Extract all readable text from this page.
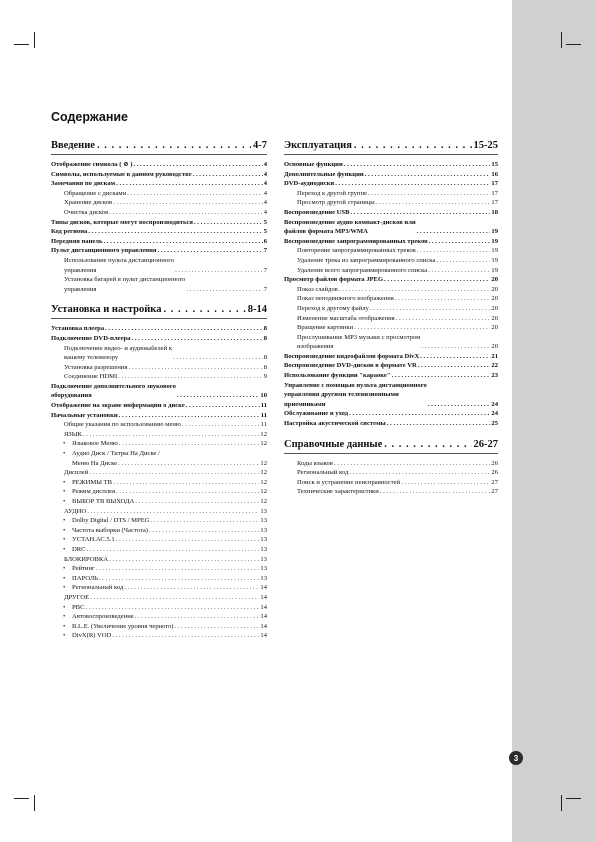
Содержание
Введение . . .	4-7
Отображение символа ( ⊘ ) . . .	4
Символы, используемые в данном руководстве . . .	4
Замечания по дискам . . .	4
Обращение с дисками . . .	4
Хранение дисков . . .	4
Очистка дисков . . .	4
Типы дисков, которые могут воспроизводиться . . .	5
Код региона . . .	5
Передняя панель . . .	6
Пульт дистанционного управления . . .	7
Использование пульта дистанционного
управления . . .	7
Установка батарей в пульт дистанционного
управления . . .	7
Установка и настройка . . .	8-14
Установка плеера . . .	8
Подключение DVD-плеера . . .	8
Подключение видео- и аудиокабелей к
вашему телевизору . . .	8
Установка разрешения . . .	8
Соединение HDMI . . .	9
Подключение дополнительного звукового
оборудования . . .	10
Отображение на экране информации о диске . . .	11
Начальные установки . . .	11
Общие указания по использованию меню . . .	11
ЯЗЫК . . .	12
• Языковое Меню . . .	12
• Аудио Диск / Титры На Диске /
Меню На Диске . . .	12
Дисплей . . .	12
• РЕЖИМЫ ТВ . . .	12
• Режим дисплея . . .	12
• ВЫБОР ТВ ВЫХОДА . . .	12
АУДИО . . .	13
• Dolby Digital / DTS / MPEG . . .	13
• Частота выборки (Частота) . . .	13
• УСТАН.АС.5.1 . . .	13
• DRC . . .	13
БЛОКИРОВКА . . .	13
• Рейтинг . . .	13
• ПАРОЛЬ . . .	13
• Региональный код . . .	14
ДРУГОЕ . . .	14
• PBC . . .	14
• Автовоспроизведение . . .	14
• B.L.E. (Увеличение уровня черного) . . .	14
• DivX(R) VOD . . .	14
Эксплуатация . . .	15-25
Основные функции . . .	15
Дополнительные функции . . .	16
DVD-аудиодиски . . .	17
Переход к другой группе . . .	17
Просмотр другой страницы . . .	17
Воспроизведение USB . . .	18
Воспроизведение аудио компакт-дисков или
файлов формата MP3/WMA . . .	19
Воспроизведение запрограммированных треков . . .	19
Повторение запрограммированных треков . . .	19
Удаление трека из запрограммированного списка . . .	19
Удаление всего запрограммированного списка . . .	19
Просмотр файлов формата JPEG . . .	20
Показ слайдов . . .	20
Показ неподвижного изображения . . .	20
Переход к другому файлу . . .	20
Изменение масштаба отображения . . .	20
Вращение картинки . . .	20
Прослушивание MP3 музыки с просмотром
изображения . . .	20
Воспроизведение видеофайлов формата DivX . . .	21
Воспроизведение DVD-дисков в формате VR . . .	22
Использование функции "караоке" . . .	23
Управление с помощью пульта дистанционного
управления другими телевизионными
приемниками . . .	24
Обслуживание и уход . . .	24
Настройка акустической системы . . .	25
Справочные данные . . .	26-27
Коды языков . . .	26
Региональный код . . .	26
Поиск и устранение неисправностей . . .	27
Технические характеристики . . .	27
3
